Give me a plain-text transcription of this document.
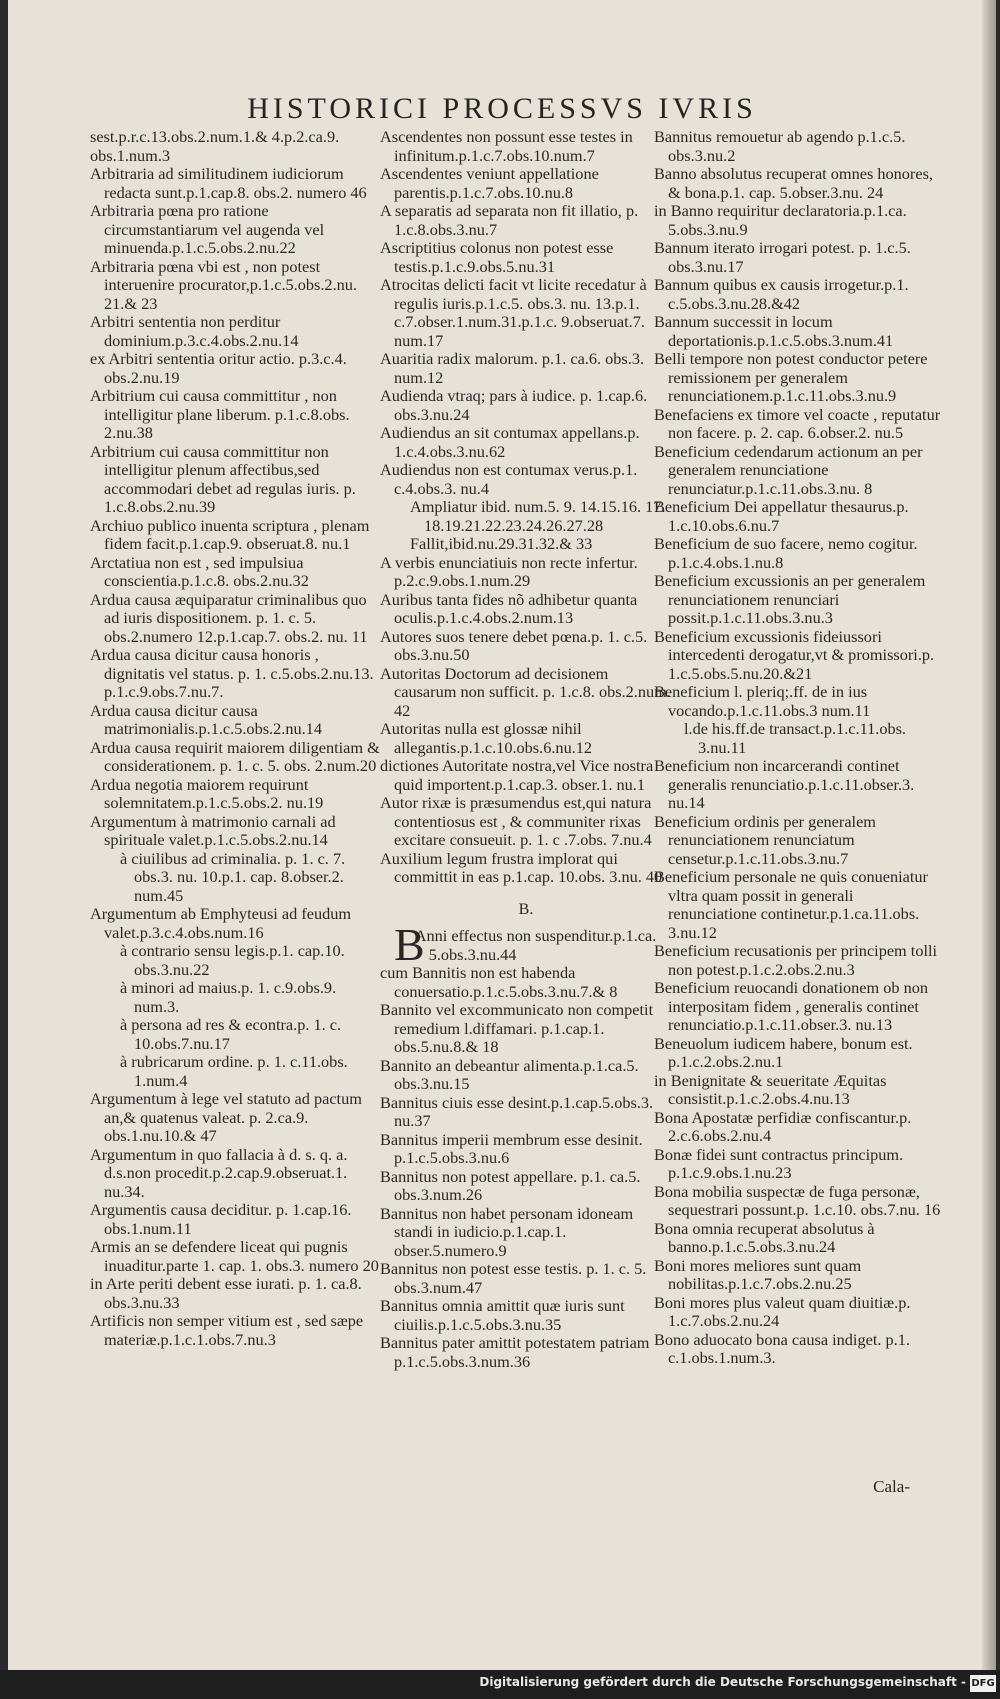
HISTORICI PROCESSVS IVRIS

sest.p.r.c.13.obs.2.num.1.& 4.p.2.ca.9.

obs.1.num.3

Arbitraria ad similitudinem iudiciorum redacta sunt.p.1.cap.8. obs.2. numero 46

Arbitraria pœna pro ratione circumstantiarum vel augenda vel minuenda.p.1.c.5.obs.2.nu.22

Arbitraria pœna vbi est , non potest interuenire procurator,p.1.c.5.obs.2.nu. 21.& 23

Arbitri sententia non perditur dominium.p.3.c.4.obs.2.nu.14

ex Arbitri sententia oritur actio. p.3.c.4. obs.2.nu.19

Arbitrium cui causa committitur , non intelligitur plane liberum. p.1.c.8.obs. 2.nu.38

Arbitrium cui causa committitur non intelligitur plenum affectibus,sed accommodari debet ad regulas iuris. p. 1.c.8.obs.2.nu.39

Archiuo publico inuenta scriptura , plenam fidem facit.p.1.cap.9. obseruat.8. nu.1

Arctatiua non est , sed impulsiua conscientia.p.1.c.8. obs.2.nu.32

Ardua causa æquiparatur criminalibus quo ad iuris dispositionem. p. 1. c. 5. obs.2.numero 12.p.1.cap.7. obs.2. nu. 11

Ardua causa dicitur causa honoris , dignitatis vel status. p. 1. c.5.obs.2.nu.13. p.1.c.9.obs.7.nu.7.

Ardua causa dicitur causa matrimonialis.p.1.c.5.obs.2.nu.14

Ardua causa requirit maiorem diligentiam & considerationem. p. 1. c. 5. obs. 2.num.20

Ardua negotia maiorem requirunt solemnitatem.p.1.c.5.obs.2. nu.19

Argumentum à matrimonio carnali ad spirituale valet.p.1.c.5.obs.2.nu.14

à ciuilibus ad criminalia. p. 1. c. 7. obs.3. nu. 10.p.1. cap. 8.obser.2. num.45

Argumentum ab Emphyteusi ad feudum valet.p.3.c.4.obs.num.16

à contrario sensu legis.p.1. cap.10. obs.3.nu.22

à minori ad maius.p. 1. c.9.obs.9. num.3.

à persona ad res & econtra.p. 1. c. 10.obs.7.nu.17

à rubricarum ordine. p. 1. c.11.obs. 1.num.4

Argumentum à lege vel statuto ad pactum an,& quatenus valeat. p. 2.ca.9. obs.1.nu.10.& 47

Argumentum in quo fallacia à d. s. q. a. d.s.non procedit.p.2.cap.9.obseruat.1. nu.34.

Argumentis causa deciditur. p. 1.cap.16. obs.1.num.11

Armis an se defendere liceat qui pugnis inuaditur.parte 1. cap. 1. obs.3. numero 20

in Arte periti debent esse iurati. p. 1. ca.8. obs.3.nu.33

Artificis non semper vitium est , sed sæpe materiæ.p.1.c.1.obs.7.nu.3

Ascendentes non possunt esse testes in infinitum.p.1.c.7.obs.10.num.7

Ascendentes veniunt appellatione parentis.p.1.c.7.obs.10.nu.8

A separatis ad separata non fit illatio, p. 1.c.8.obs.3.nu.7

Ascriptitius colonus non potest esse testis.p.1.c.9.obs.5.nu.31

Atrocitas delicti facit vt licite recedatur à regulis iuris.p.1.c.5. obs.3. nu. 13.p.1. c.7.obser.1.num.31.p.1.c. 9.obseruat.7. num.17

Auaritia radix malorum. p.1. ca.6. obs.3. num.12

Audienda vtraq; pars à iudice. p. 1.cap.6. obs.3.nu.24

Audiendus an sit contumax appellans.p. 1.c.4.obs.3.nu.62

Audiendus non est contumax verus.p.1. c.4.obs.3. nu.4

Ampliatur ibid. num.5. 9. 14.15.16. 17. 18.19.21.22.23.24.26.27.28

Fallit,ibid.nu.29.31.32.& 33

A verbis enunciatiuis non recte infertur. p.2.c.9.obs.1.num.29

Auribus tanta fides nõ adhibetur quanta oculis.p.1.c.4.obs.2.num.13

Autores suos tenere debet pœna.p. 1. c.5. obs.3.nu.50

Autoritas Doctorum ad decisionem causarum non sufficit. p. 1.c.8. obs.2.num. 42

Autoritas nulla est glossæ nihil allegantis.p.1.c.10.obs.6.nu.12

dictiones Autoritate nostra,vel Vice nostra quid importent.p.1.cap.3. obser.1. nu.1

Autor rixæ is præsumendus est,qui natura contentiosus est , & communiter rixas excitare consueuit. p. 1. c .7.obs. 7.nu.4

Auxilium legum frustra implorat qui committit in eas p.1.cap. 10.obs. 3.nu. 40

B.

B
Anni effectus non suspenditur.p.1.ca. 5.obs.3.nu.44

cum Bannitis non est habenda conuersatio.p.1.c.5.obs.3.nu.7.& 8

Bannito vel excommunicato non competit remedium l.diffamari. p.1.cap.1. obs.5.nu.8.& 18

Bannito an debeantur alimenta.p.1.ca.5. obs.3.nu.15

Bannitus ciuis esse desint.p.1.cap.5.obs.3. nu.37

Bannitus imperii membrum esse desinit. p.1.c.5.obs.3.nu.6

Bannitus non potest appellare. p.1. ca.5. obs.3.num.26

Bannitus non habet personam idoneam standi in iudicio.p.1.cap.1. obser.5.numero.9

Bannitus non potest esse testis. p. 1. c. 5. obs.3.num.47

Bannitus omnia amittit quæ iuris sunt ciuilis.p.1.c.5.obs.3.nu.35

Bannitus pater amittit potestatem patriam p.1.c.5.obs.3.num.36

Bannitus remouetur ab agendo p.1.c.5. obs.3.nu.2

Banno absolutus recuperat omnes honores, & bona.p.1. cap. 5.obser.3.nu. 24

in Banno requiritur declaratoria.p.1.ca. 5.obs.3.nu.9

Bannum iterato irrogari potest. p. 1.c.5. obs.3.nu.17

Bannum quibus ex causis irrogetur.p.1. c.5.obs.3.nu.28.&42

Bannum successit in locum deportationis.p.1.c.5.obs.3.num.41

Belli tempore non potest conductor petere remissionem per generalem renunciationem.p.1.c.11.obs.3.nu.9

Benefaciens ex timore vel coacte , reputatur non facere. p. 2. cap. 6.obser.2. nu.5

Beneficium cedendarum actionum an per generalem renunciatione renunciatur.p.1.c.11.obs.3.nu. 8

Beneficium Dei appellatur thesaurus.p. 1.c.10.obs.6.nu.7

Beneficium de suo facere, nemo cogitur. p.1.c.4.obs.1.nu.8

Beneficium excussionis an per generalem renunciationem renunciari possit.p.1.c.11.obs.3.nu.3

Beneficium excussionis fideiussori intercedenti derogatur,vt & promissori.p. 1.c.5.obs.5.nu.20.&21

Beneficium l. pleriq;.ff. de in ius vocando.p.1.c.11.obs.3 num.11

l.de his.ff.de transact.p.1.c.11.obs. 3.nu.11

Beneficium non incarcerandi continet generalis renunciatio.p.1.c.11.obser.3. nu.14

Beneficium ordinis per generalem renunciationem renunciatum censetur.p.1.c.11.obs.3.nu.7

Beneficium personale ne quis conueniatur vltra quam possit in generali renunciatione continetur.p.1.ca.11.obs. 3.nu.12

Beneficium recusationis per principem tolli non potest.p.1.c.2.obs.2.nu.3

Beneficium reuocandi donationem ob non interpositam fidem , generalis continet renunciatio.p.1.c.11.obser.3. nu.13

Beneuolum iudicem habere, bonum est. p.1.c.2.obs.2.nu.1

in Benignitate & seueritate Æquitas consistit.p.1.c.2.obs.4.nu.13

Bona Apostatæ perfidiæ confiscantur.p. 2.c.6.obs.2.nu.4

Bonæ fidei sunt contractus principum. p.1.c.9.obs.1.nu.23

Bona mobilia suspectæ de fuga personæ, sequestrari possunt.p. 1.c.10. obs.7.nu. 16

Bona omnia recuperat absolutus à banno.p.1.c.5.obs.3.nu.24

Boni mores meliores sunt quam nobilitas.p.1.c.7.obs.2.nu.25

Boni mores plus valeut quam diuitiæ.p. 1.c.7.obs.2.nu.24

Bono aduocato bona causa indiget. p.1. c.1.obs.1.num.3.

Cala-
Digitalisierung gefördert durch die Deutsche Forschungsgemeinschaft - DFG
